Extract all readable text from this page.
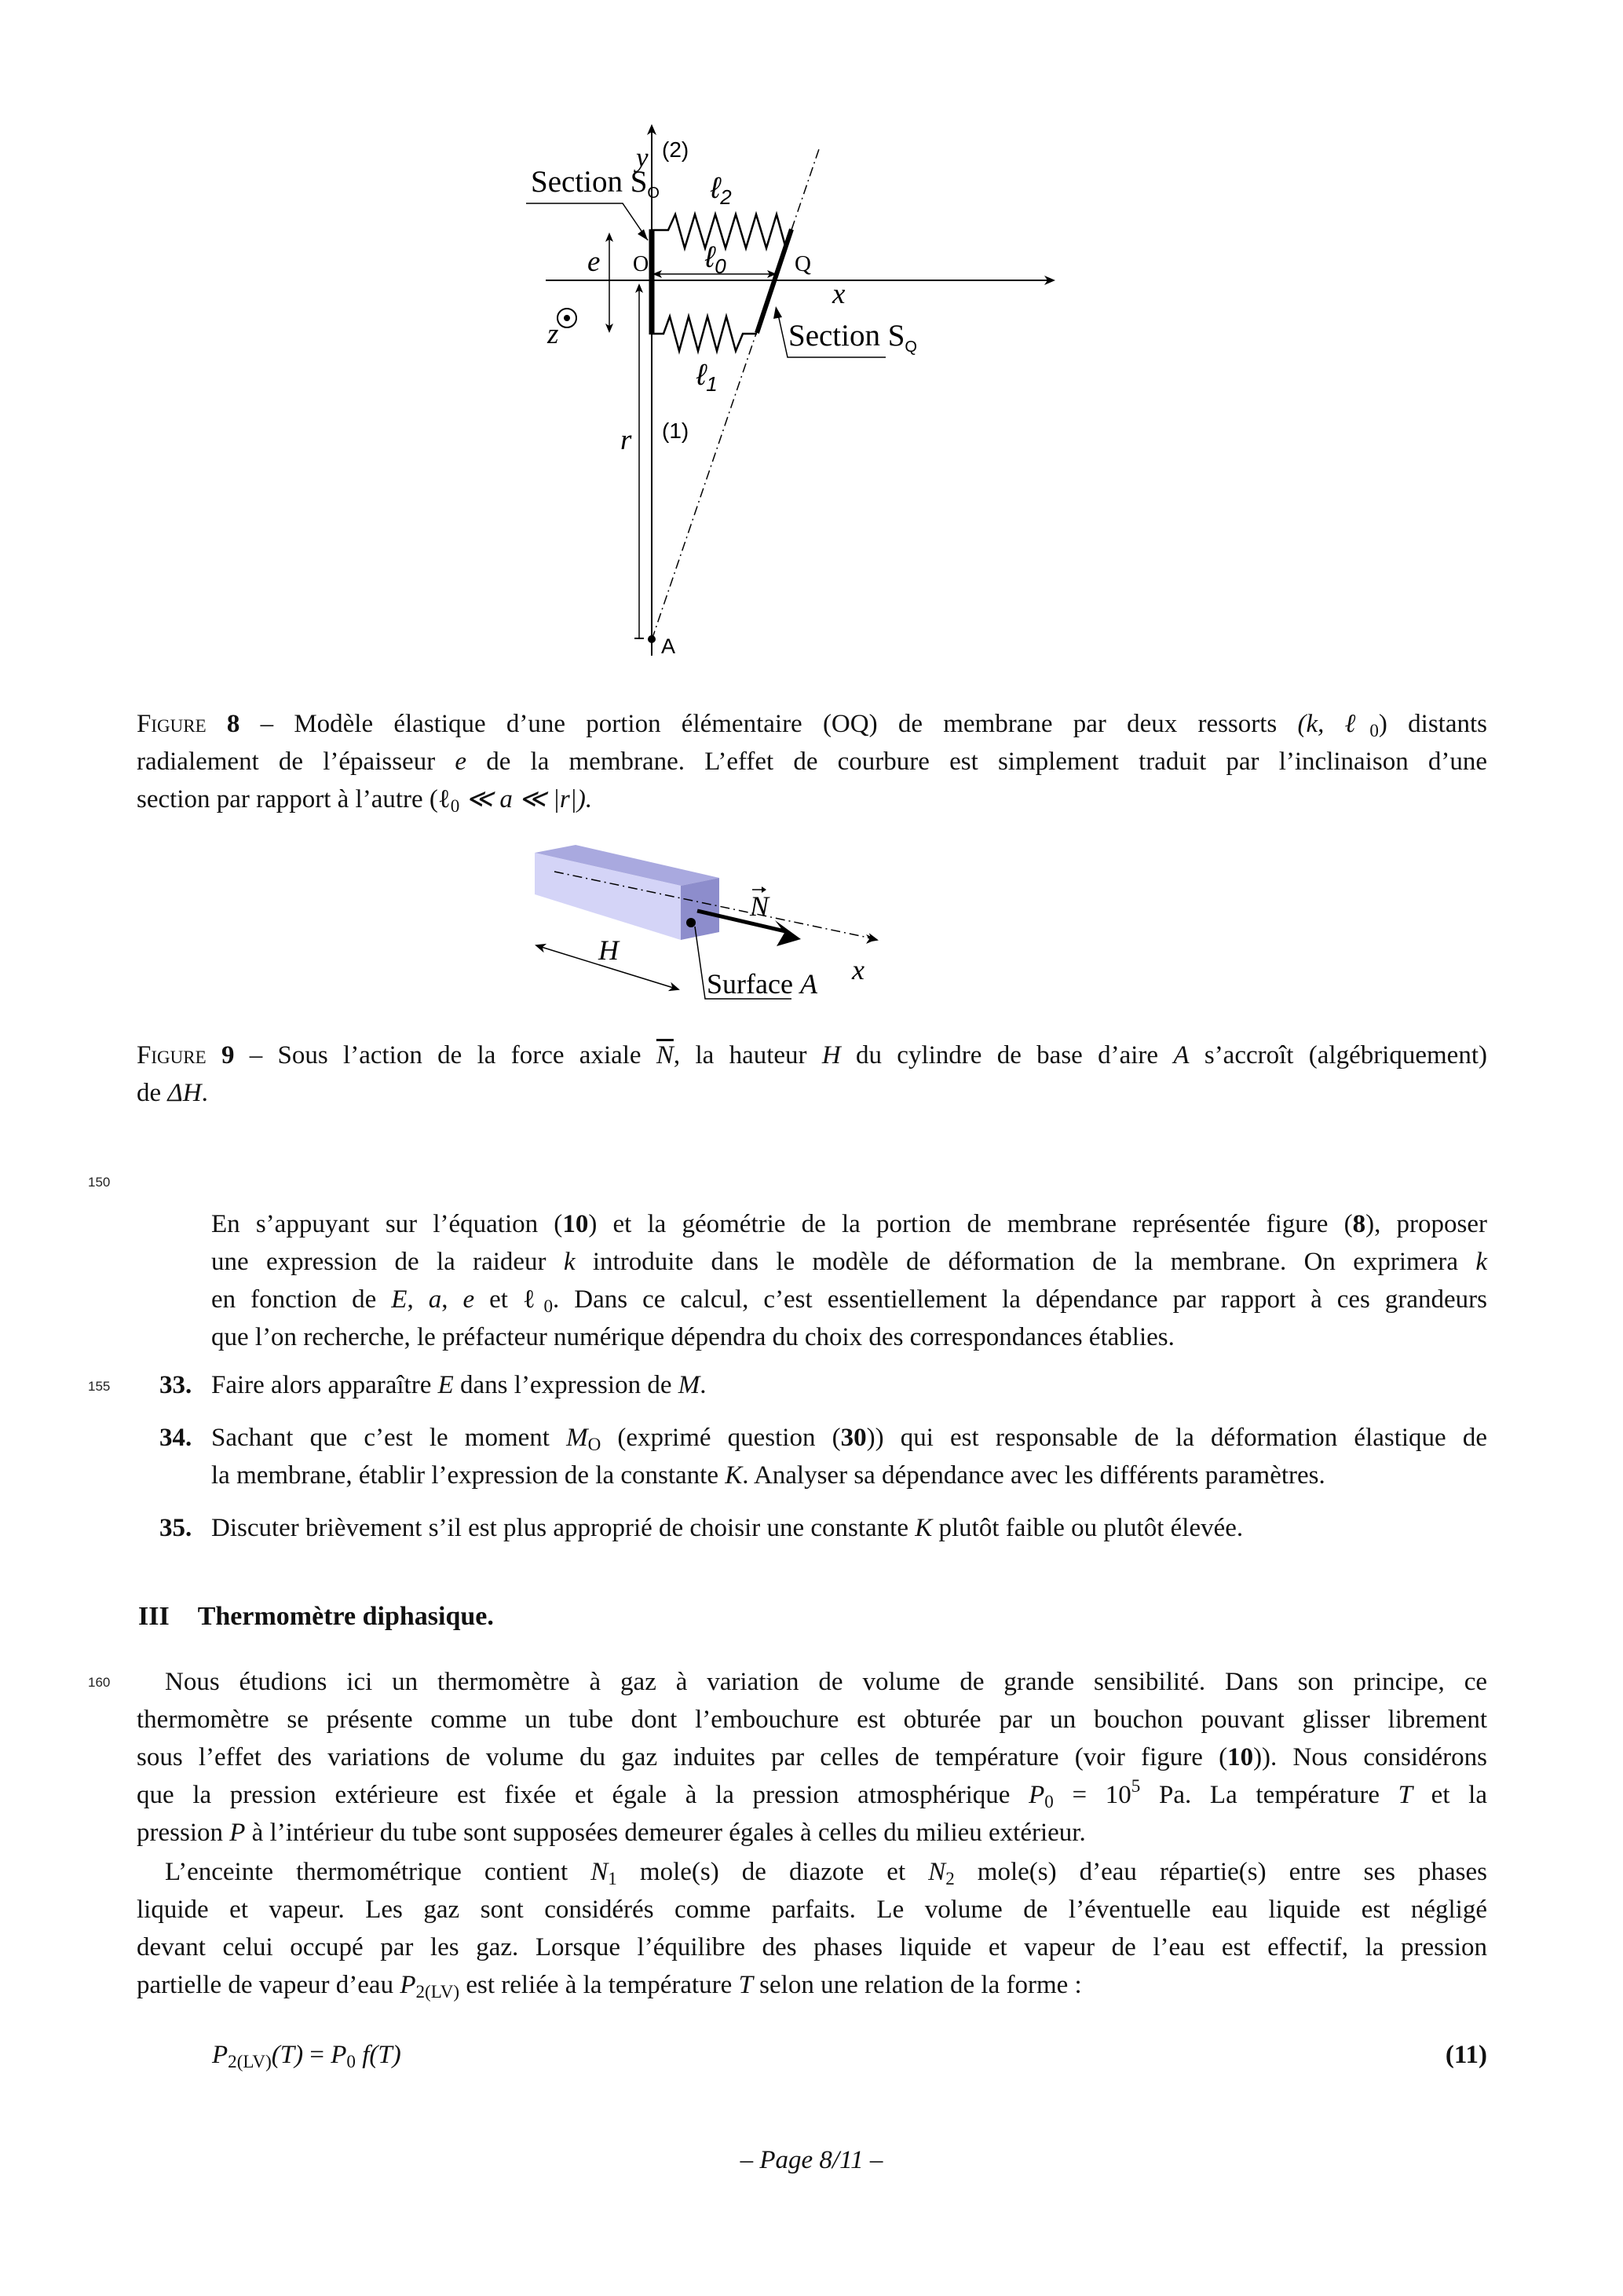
Section $S_O$
y (2)
ℓ$_2$
ℓ$_0$
ℓ$_1$
e O	Q
x
Section $S_Q$
z
(1)
r
A
Figure 8 – Modèle élastique d’une portion élémentaire (OQ) de membrane par deux ressorts (k, ℓ$_0$) distants
radialement de l’épaisseur e de la membrane. L’effet de courbure est simplement traduit par l’inclinaison d’une
section par rapport à l’autre (ℓ$_0$ ≪ a ≪ |r|).
N
H
Surface A x
Figure 9 – Sous l’action de la force axiale $\overline{N}$, la hauteur H du cylindre de base d’aire A s’accroît (algébriquement)
de ΔH.
150
155
160
En s’appuyant sur l’équation (10) et la géométrie de la portion de membrane représentée figure (8), proposer
une expression de la raideur k introduite dans le modèle de déformation de la membrane. On exprimera k
en fonction de E, a, e et ℓ$_0$. Dans ce calcul, c’est essentiellement la dépendance par rapport à ces grandeurs
que l’on recherche, le préfacteur numérique dépendra du choix des correspondances établies.
33. Faire alors apparaître E dans l’expression de M.
34. Sachant que c’est le moment $M_O$ (exprimé question (30)) qui est responsable de la déformation élastique de
la membrane, établir l’expression de la constante K. Analyser sa dépendance avec les différents paramètres.
35. Discuter brièvement s’il est plus approprié de choisir une constante K plutôt faible ou plutôt élevée.
III Thermomètre diphasique.
Nous étudions ici un thermomètre à gaz à variation de volume de grande sensibilité. Dans son principe, ce
thermomètre se présente comme un tube dont l’embouchure est obturée par un bouchon pouvant glisser librement
sous l’effet des variations de volume du gaz induites par celles de température (voir figure (10)). Nous considérons
que la pression extérieure est fixée et égale à la pression atmosphérique $P_0 = 10^5$ Pa. La température T et la
pression P à l’intérieur du tube sont supposées demeurer égales à celles du milieu extérieur.
L’enceinte thermométrique contient $N_1$ mole(s) de diazote et $N_2$ mole(s) d’eau répartie(s) entre ses phases
liquide et vapeur. Les gaz sont considérés comme parfaits. Le volume de l’éventuelle eau liquide est négligé
devant celui occupé par les gaz. Lorsque l’équilibre des phases liquide et vapeur de l’eau est effectif, la pression
partielle de vapeur d’eau $P_{2(LV)}$ est reliée à la température T selon une relation de la forme :
$P_{2(LV)}(T) = P_0$ f(T)	(11)
– Page 8/11 –
